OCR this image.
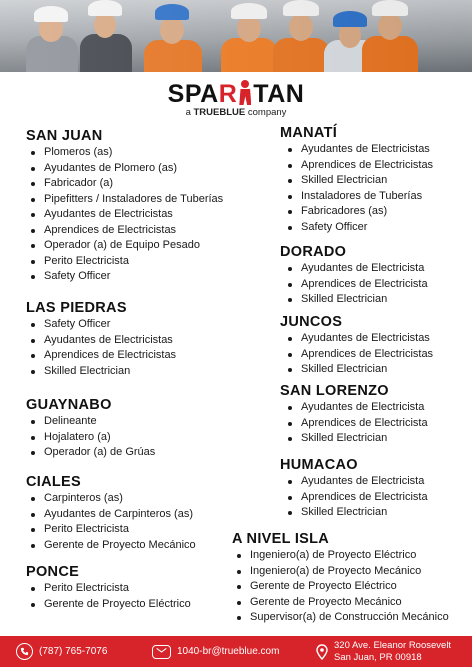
SPAR TAN
a TRUEBLUE company
SAN JUAN
Plomeros (as)
Ayudantes de Plomero (as)
Fabricador (a)
Pipefitters / Instaladores de Tuberías
Ayudantes de Electricistas
Aprendices de Electricistas
Operador (a) de Equipo Pesado
Perito Electricista
Safety Officer
LAS PIEDRAS
Safety Officer
Ayudantes de Electricistas
Aprendices de Electricistas
Skilled Electrician
GUAYNABO
Delineante
Hojalatero (a)
Operador (a) de Grúas
CIALES
Carpinteros (as)
Ayudantes de Carpinteros (as)
Perito Electricista
Gerente de Proyecto Mecánico
PONCE
Perito Electricista
Gerente de Proyecto Eléctrico
MANATÍ
Ayudantes de Electricistas
Aprendices de Electricistas
Skilled Electrician
Instaladores de Tuberías
Fabricadores (as)
Safety Officer
DORADO
Ayudantes de Electricista
Aprendices de Electricista
Skilled Electrician
JUNCOS
Ayudantes de Electricistas
Aprendices de Electricistas
Skilled Electrician
SAN LORENZO
Ayudantes de Electricista
Aprendices de Electricista
Skilled Electrician
HUMACAO
Ayudantes de Electricista
Aprendices de Electricista
Skilled Electrician
A NIVEL ISLA
Ingeniero(a) de Proyecto Eléctrico
Ingeniero(a) de Proyecto Mecánico
Gerente de Proyecto Eléctrico
Gerente de Proyecto Mecánico
Supervisor(a) de Construcción Mecánico
(787) 765-7076	1040-br@trueblue.com
320 Ave. Eleanor Roosevelt
San Juan, PR 00918
